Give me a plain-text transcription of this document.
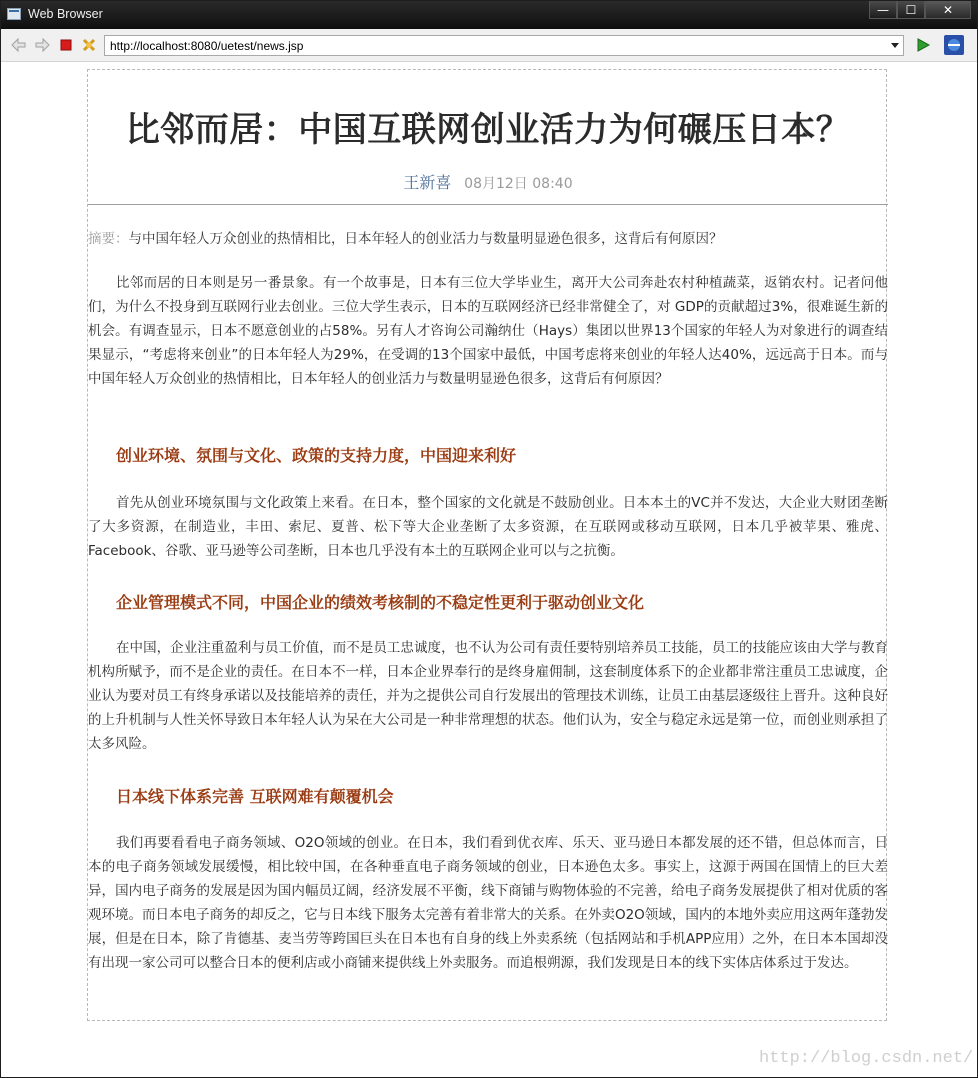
Web Browser	—	☐	✕
http://localhost:8080/uetest/news.jsp
比邻而居：中国互联网创业活力为何碾压日本？
王新喜 08月12日 08:40
摘要：与中国年轻人万众创业的热情相比，日本年轻人的创业活力与数量明显逊色很多，这背后有何原因？
比邻而居的日本则是另一番景象。有一个故事是，日本有三位大学毕业生，离开大公司奔赴农村种植蔬菜，返销农村。记者问他们，为什么不投身到互联网行业去创业。三位大学生表示，日本的互联网经济已经非常健全了，对 GDP的贡献超过3%，很难诞生新的机会。有调查显示，日本不愿意创业的占58%。另有人才咨询公司瀚纳仕（Hays）集团以世界13个国家的年轻人为对象进行的调查结果显示，“考虑将来创业”的日本年轻人为29%，在受调的13个国家中最低，中国考虑将来创业的年轻人达40%，远远高于日本。而与中国年轻人万众创业的热情相比，日本年轻人的创业活力与数量明显逊色很多，这背后有何原因？
创业环境、氛围与文化、政策的支持力度，中国迎来利好
首先从创业环境氛围与文化政策上来看。在日本，整个国家的文化就是不鼓励创业。日本本土的VC并不发达，大企业大财团垄断了大多资源，在制造业，丰田、索尼、夏普、松下等大企业垄断了太多资源，在互联网或移动互联网，日本几乎被苹果、雅虎、Facebook、谷歌、亚马逊等公司垄断，日本也几乎没有本土的互联网企业可以与之抗衡。
企业管理模式不同，中国企业的绩效考核制的不稳定性更利于驱动创业文化
在中国，企业注重盈利与员工价值，而不是员工忠诚度，也不认为公司有责任要特别培养员工技能，员工的技能应该由大学与教育机构所赋予，而不是企业的责任。在日本不一样，日本企业界奉行的是终身雇佣制，这套制度体系下的企业都非常注重员工忠诚度，企业认为要对员工有终身承诺以及技能培养的责任，并为之提供公司自行发展出的管理技术训练，让员工由基层逐级往上晋升。这种良好的上升机制与人性关怀导致日本年轻人认为呆在大公司是一种非常理想的状态。他们认为，安全与稳定永远是第一位，而创业则承担了太多风险。
日本线下体系完善 互联网难有颠覆机会
我们再要看看电子商务领域、O2O领域的创业。在日本，我们看到优衣库、乐天、亚马逊日本都发展的还不错，但总体而言，日本的电子商务领域发展缓慢，相比较中国，在各种垂直电子商务领域的创业，日本逊色太多。事实上，这源于两国在国情上的巨大差异，国内电子商务的发展是因为国内幅员辽阔，经济发展不平衡，线下商铺与购物体验的不完善，给电子商务发展提供了相对优质的客观环境。而日本电子商务的却反之，它与日本线下服务太完善有着非常大的关系。在外卖O2O领域，国内的本地外卖应用这两年蓬勃发展，但是在日本，除了肯德基、麦当劳等跨国巨头在日本也有自身的线上外卖系统（包括网站和手机APP应用）之外，在日本本国却没有出现一家公司可以整合日本的便利店或小商铺来提供线上外卖服务。而追根朔源，我们发现是日本的线下实体店体系过于发达。
http://blog.csdn.net/
